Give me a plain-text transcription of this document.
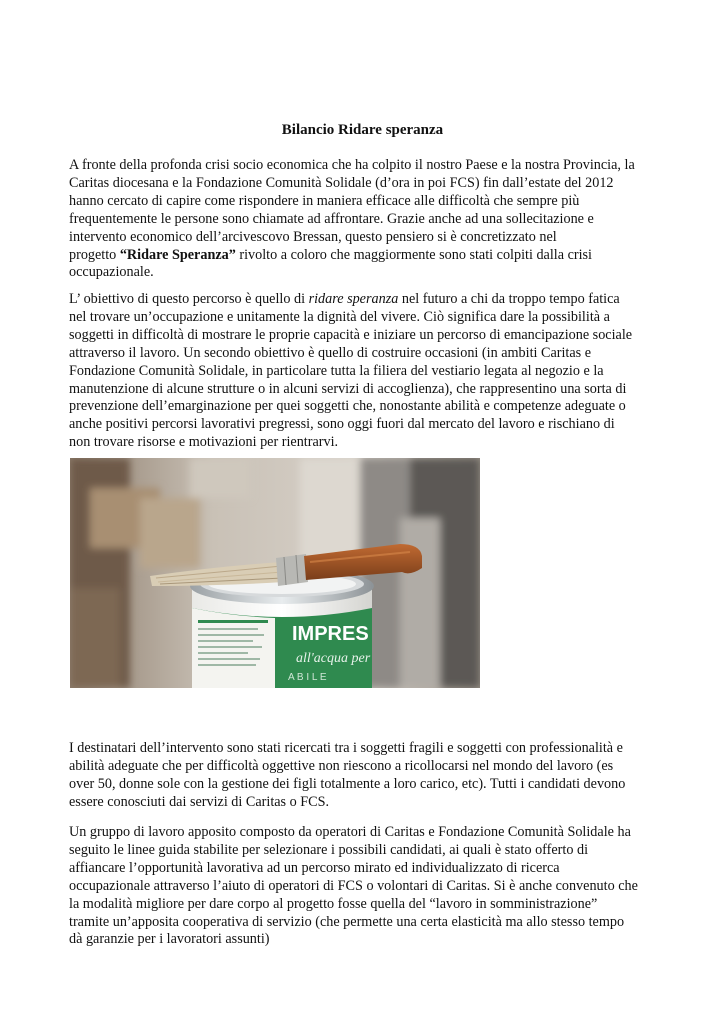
Bilancio Ridare speranza
A fronte della profonda crisi socio economica che ha colpito il nostro Paese e la nostra Provincia, la
Caritas diocesana e la Fondazione Comunità Solidale (d’ora in poi FCS) fin dall’estate del 2012
hanno cercato di capire come rispondere in maniera efficace alle difficoltà che sempre più
frequentemente le persone sono chiamate ad affrontare. Grazie anche ad una sollecitazione e
intervento economico dell’arcivescovo Bressan, questo pensiero si è concretizzato nel
progetto “Ridare Speranza” rivolto a coloro che maggiormente sono stati colpiti dalla crisi
occupazionale.
L’ obiettivo di questo percorso è quello di ridare speranza nel futuro a chi da troppo tempo fatica
nel trovare un’occupazione e unitamente la dignità del vivere. Ciò significa dare la possibilità a
soggetti in difficoltà di mostrare le proprie capacità e iniziare un percorso di emancipazione sociale
attraverso il lavoro. Un secondo obiettivo è quello di costruire occasioni (in ambiti Caritas e
Fondazione Comunità Solidale, in particolare tutta la filiera del vestiario legata al negozio e la
manutenzione di alcune strutture o in alcuni servizi di accoglienza), che rappresentino una sorta di
prevenzione dell’emarginazione per quei soggetti che, nonostante abilità e competenze adeguate o
anche positivi percorsi lavorativi pregressi, sono oggi fuori dal mercato del lavoro e rischiano di
non trovare risorse e motivazioni per rientrarvi.
IMPRES
all'acqua per
A B I L E
I destinatari dell’intervento sono stati ricercati tra i soggetti fragili e soggetti con professionalità e
abilità adeguate che per difficoltà oggettive non riescono a ricollocarsi nel mondo del lavoro (es
over 50, donne sole con la gestione dei figli totalmente a loro carico, etc). Tutti i candidati devono
essere conosciuti dai servizi di Caritas o FCS.
Un gruppo di lavoro apposito composto da operatori di Caritas e Fondazione Comunità Solidale ha
seguito le linee guida stabilite per selezionare i possibili candidati, ai quali è stato offerto di
affiancare l’opportunità lavorativa ad un percorso mirato ed individualizzato di ricerca
occupazionale attraverso l’aiuto di operatori di FCS o volontari di Caritas. Si è anche convenuto che
la modalità migliore per dare corpo al progetto fosse quella del “lavoro in somministrazione”
tramite un’apposita cooperativa di servizio (che permette una certa elasticità ma allo stesso tempo
dà garanzie per i lavoratori assunti)
